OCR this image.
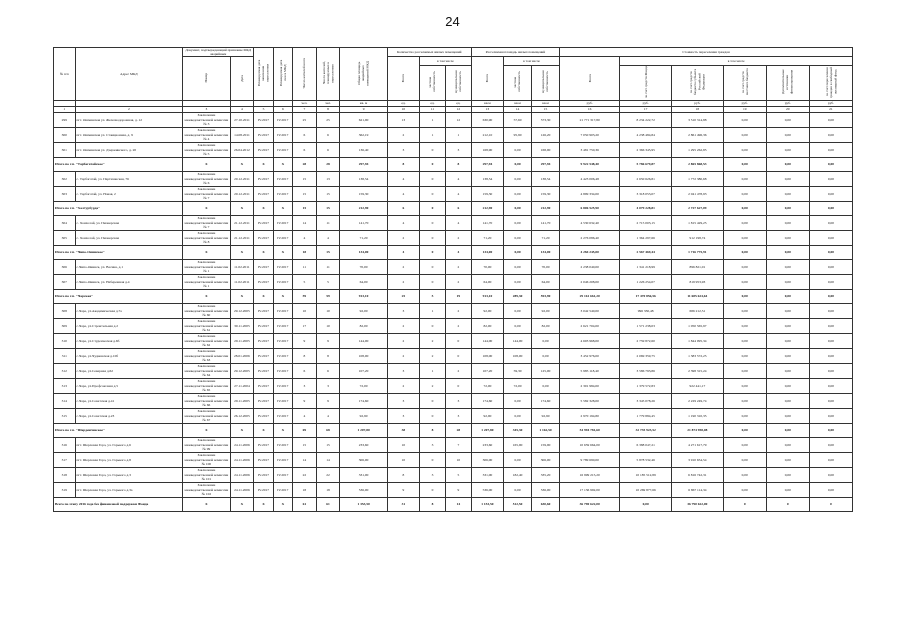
24
№ п/п	Адрес МКД	Документ, подтверждающий признание МКД аварийным		Планируемая дата окончания переселения	Планируемая дата сноса МКД	Число жителей всего	Число жителей, планируемых к переселению	Общая площадь аварийных помещений МКД	Количество расселяемых жилых помещений			Расселяемая площадь жилых помещений			Стоимость переселения граждан					
		Номер	Дата						Всего	в том числе		Всего	в том числе		Всего	в том числе				
										частная собственность	муниципальная собственность		частная собственность	муниципальная собственность		за счет средств Фонда	за счет средств бюджета субъекта Российской Федерации	за счет средств местного бюджета	Дополнительные источники финансирования	за счет переселения граждан в свободный жилищный фонд
						чел.	чел.	кв. м	ед.	ед.	ед.	кв.м	кв.м	кв.м	руб.	руб.	руб.	руб.	руб.	руб.
1	2	3	4	5	6	7	8	9	10	11	12	13	14	15	16	17	18	19	20	21
299	пгт. Ошмянская ул. Железнодорожная, д. 12	Заключение межведомственной комиссии № 3	27.10.2011	IV.2017	IV.2017	25	25	621,90	13	1	12	630,90	57,60	573,30	21 771 317,80	8 234 222,72	3 510 314,88	0,00	0,00	0,00
300	пгт. Ошмянская ул. Станционная, д. 9	Заключение межведомственной комиссии № 4	14.08.2011	IV.2017	IV.2017	6	6	362,19	2	1	1	212,10	95,90	126,20	7 050 903,20	4 238 484,84	2 861 496,36	0,00	0,00	0,00
301	пгт. Ошмянская ул. Дзержинского, д. 20	Заключение межведомственной комиссии № 5	26.04.2012	IV.2017	IV.2017	6	6	136,40	3	0	3	168,90	0,00	168,90	3 481 750,36	2 366 345,95	1 295 262,85	0,00	0,00	0,00
Итого по г.п. "Тарбагатайское"		X	X	X	X	28	28	297,94	8	0	8	297,94	0,00	297,94	9 922 548,40	5 786 679,87	2 865 868,53	0,00	0,00	0,00
302	с. Тарбагатай, ул. Партизанская, 76	Заключение межведомственной комиссии № 6	20.12.2011	IV.2017	IV.2017	15	13	138,54	4	0	4	138,54	0,00	138,54	4 423 006,48	2 650 626,81	1 772 380,68	0,00	0,00	0,00
303	с. Тарбагатай, ул. Новая, 2	Заключение межведомственной комиссии № 7	20.12.2011	IV.2017	IV.2017	15	15	159,30	4	0	4	159,30	0,00	159,30	4 899 334,00	3 318 053,07	2 041 478,93	0,00	0,00	0,00
Итого по г.п. "Халтурбурда"		X	X	X	X	15	15	212,90	6	0	6	212,90	0,00	212,90	6 806 525,90	4 079 228,81	2 727 627,09	0,00	0,00	0,00
304	с. Хонхолой, ул. Пионерская	Заключение межведомственной комиссии № 7	21.12.2011	IV.2017	IV.2017	14	11	141,70	4	0	4	141,70	0,00	141,70	4 530 632,40	2 715 003,15	1 815 429,25	0,00	0,00	0,00
305	с. Хонхолой, ул. Пионерская	Заключение межведомственной комиссии № 8	21.12.2011	IV.2017	IV.2017	4	4	71,20	2	0	2	71,20	0,00	71,20	2 276 086,40	1 364 297,66	912 198,74	0,00	0,00	0,00
Итого по г.п. "Чипо-Оиинское"		X	X	X	X	18	15	134,00	4	0	4	134,00	0,00	134,00	4 284 245,00	2 567 469,44	1 716 775,91	0,00	0,00	0,00
306	с.Чипо-Оиинск, ул. Васина, д.1	Заключение межведомственной комиссии № 1	11.02.2011	IV.2017	IV.2017	11	11	70,00	2	0	2	70,00	0,00	70,00	2 238 040,00	1 341 218,99	896 821,01	0,00	0,00	0,00
307	с.Чипо-Оиинск, ул. Набережная д.4	Заключение межведомственной комиссии № 1	11.02.2011	IV.2017	IV.2017	5	5	64,00	2	0	2	64,00	0,00	64,00	2 046 208,00	1 226 254,07	819 953,93	0,00	0,00	0,00
Итого по г.п. "Чарская"		X	X	X	X	59	59	913,10	25	5	19	913,10	289,30	593,90	29 161 661,20	17 470 856,56	11 685 624,64	0,00	0,00	0,00
308	с.Чара, ул.Академическая д.7а	Заключение межведомственной комиссии № 60	29.12.2005	IV.2017	IV.2017	10	10	92,00	3	1	2	92,00	0,00	92,00	3 042 540,00	996 330,48	686 212,51	0,00	0,00	0,00
309	с.Чара, ул.Строительная д.2	Заключение межведомственной комиссии № 61	30.11.2005	IV.2017	IV.2017	17	10	82,00	2	0	2	82,00	0,00	82,00	2 621 704,00	1 571 238,03	1 050 565,97	0,00	0,00	0,00
310	с.Чара, ул.Студенческая д.6б	Заключение межведомственной комиссии № 62	29.11.2005	IV.2017	IV.2017	9	9	144,00	2	2	0	144,00	144,00	0,00	4 603 968,00	2 759 872,60	1 844 095,34	0,00	0,00	0,00
311	с.Чара, ул.Чудненская д.10б	Заключение межведомственной комиссии № 63	28.01.2006	IV.2017	IV.2017	8	8	108,00	2	2	0	108,00	108,00	0,00	3 452 976,00	2 069 359,75	1 383 572,25	0,00	0,00	0,00
312	с.Чара, ул.Северная д.62	Заключение межведомственной комиссии № 64	29.12.2005	IV.2017	IV.2017	6	6	107,20	3	1	2	107,20	59,30	125,00	5 985 118,40	3 586 793,86	2 398 315,24	0,00	0,00	0,00
313	с.Чара, ул.Профсоюзная д.5	Заключение межведомственной комиссии № 65	27.11.2004	IV.2017	IV.2017	3	3	72,00	2	2	0	72,00	72,00	0,00	2 301 984,00	1 379 572,83	922 441,17	0,00	0,00	0,00
314	с.Чара, ул.Советская д.41	Заключение межведомственной комиссии № 66	29.11.2005	IV.2017	IV.2017	9	9	174,60	3	0	3	174,60	0,00	174,60	5 582 328,00	3 345 078,26	2 229 249,74	0,00	0,00	0,00
315	с.Чара, ул.Советская д.23	Заключение межведомственной комиссии № 67	26.12.2005	IV.2017	IV.2017	4	4	92,90	3	0	3	92,90	0,00	92,90	2 970 194,80	1 779 884,45	1 190 310,35	0,00	0,00	0,00
Итого по г.п. "Шарденгинское"		X	X	X	X	69	68	1 207,80	38	8	28	1 207,80	345,30	1 162,50	54 994 781,60	32 735 923,52	21 874 958,08	0,00	0,00	0,00
316	пгт. Шерловая Гора, ул. Горького д.6	Заключение межведомственной комиссии № 99	24.11.2006	IV.2017	IV.2017	15	15	233,60	10	3	7	233,60	165,90	159,90	10 659 664,00	6 388 047,21	4 271 617,79	0,00	0,00	0,00
317	пгт. Шерловая Гора, ул. Горького д.8	Заключение межведомственной комиссии № 100	24.11.2006	IV.2017	IV.2017	14	14	306,00	10	0	10	306,00	0,00	306,00	9 789 690,00	5 878 532,46	3 910 654,54	0,00	0,00	0,00
318	пгт. Шерловая Гора, ул. Горького д.3	Заключение межведомственной комиссии № 101	24.11.2006	IV.2017	IV.2017	22	22	331,00	8	3	5	331,00	182,40	335,20	16 999 215,20	10 185 512,89	6 816 742,31	0,00	0,00	0,00
319	пгт. Шерловая Гора, ул. Горького д.3а	Заключение межведомственной комиссии № 102	24.11.2006	IV.2017	IV.2017	18	18	536,00	9	0	9	536,00	0,00	536,00	17 136 992,00	10 269 877,66	6 867 114,34	0,00	0,00	0,00
Всего по этапу 2016 года без финансовой поддержки Фонда		X	X	X	X	61	61	1 353,50	31	8	14	1 153,50	512,50	630,60	36 790 622,00	0,00	36 790 622,00	0	0	0
